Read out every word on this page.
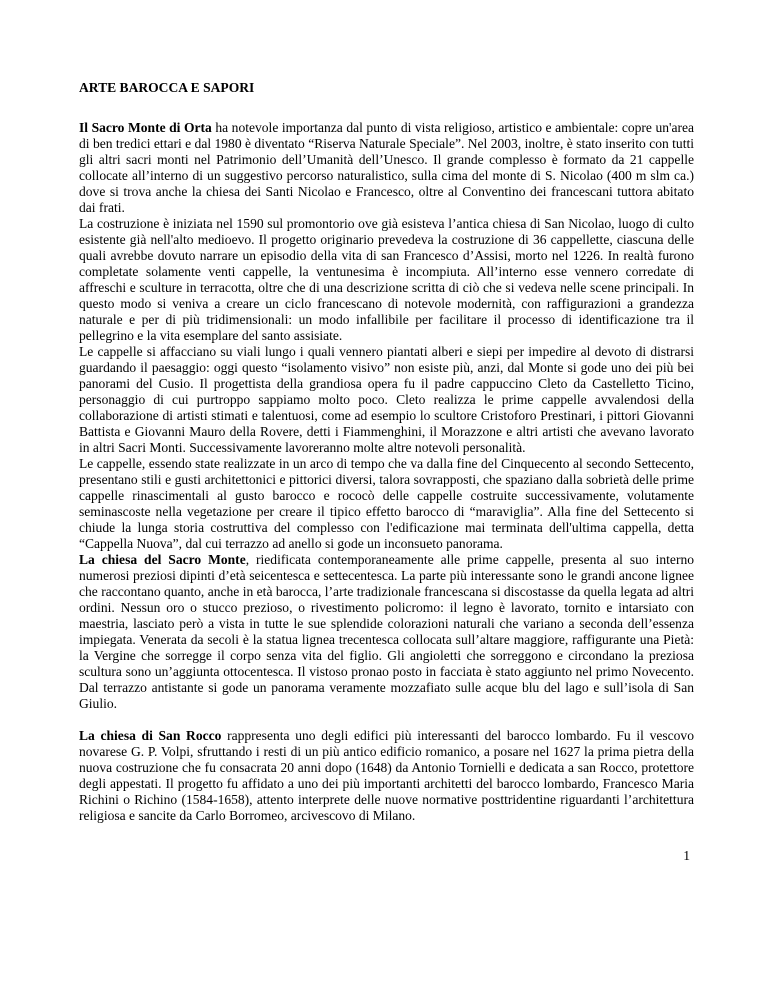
ARTE BAROCCA E SAPORI

Il Sacro Monte di Orta ha notevole importanza dal punto di vista religioso, artistico e ambientale: copre un'area di ben tredici ettari e dal 1980 è diventato “Riserva Naturale Speciale”. Nel 2003, inoltre, è stato inserito con tutti gli altri sacri monti nel Patrimonio dell’Umanità dell’Unesco. Il grande complesso è formato da 21 cappelle collocate all’interno di un suggestivo percorso naturalistico, sulla cima del monte di S. Nicolao (400 m slm ca.) dove si trova anche la chiesa dei Santi Nicolao e Francesco, oltre al Conventino dei francescani tuttora abitato dai frati.

La costruzione è iniziata nel 1590 sul promontorio ove già esisteva l’antica chiesa di San Nicolao, luogo di culto esistente già nell'alto medioevo. Il progetto originario prevedeva la costruzione di 36 cappellette, ciascuna delle quali avrebbe dovuto narrare un episodio della vita di san Francesco d’Assisi, morto nel 1226. In realtà furono completate solamente venti cappelle, la ventunesima è incompiuta. All’interno esse vennero corredate di affreschi e sculture in terracotta, oltre che di una descrizione scritta di ciò che si vedeva nelle scene principali. In questo modo si veniva a creare un ciclo francescano di notevole modernità, con raffigurazioni a grandezza naturale e per di più tridimensionali: un modo infallibile per facilitare il processo di identificazione tra il pellegrino e la vita esemplare del santo assisiate.

Le cappelle si affacciano su viali lungo i quali vennero piantati alberi e siepi per impedire al devoto di distrarsi guardando il paesaggio: oggi questo “isolamento visivo” non esiste più, anzi, dal Monte si gode uno dei più bei panorami del Cusio. Il progettista della grandiosa opera fu il padre cappuccino Cleto da Castelletto Ticino, personaggio di cui purtroppo sappiamo molto poco. Cleto realizza le prime cappelle avvalendosi della collaborazione di artisti stimati e talentuosi, come ad esempio lo scultore Cristoforo Prestinari, i pittori Giovanni Battista e Giovanni Mauro della Rovere, detti i Fiammenghini, il Morazzone e altri artisti che avevano lavorato in altri Sacri Monti. Successivamente lavoreranno molte altre notevoli personalità.

Le cappelle, essendo state realizzate in un arco di tempo che va dalla fine del Cinquecento al secondo Settecento, presentano stili e gusti architettonici e pittorici diversi, talora sovrapposti, che spaziano dalla sobrietà delle prime cappelle rinascimentali al gusto barocco e rococò delle cappelle costruite successivamente, volutamente seminascoste nella vegetazione per creare il tipico effetto barocco di “maraviglia”. Alla fine del Settecento si chiude la lunga storia costruttiva del complesso con l'edificazione mai terminata dell'ultima cappella, detta “Cappella Nuova”, dal cui terrazzo ad anello si gode un inconsueto panorama.

La chiesa del Sacro Monte, riedificata contemporaneamente alle prime cappelle, presenta al suo interno numerosi preziosi dipinti d’età seicentesca e settecentesca. La parte più interessante sono le grandi ancone lignee che raccontano quanto, anche in età barocca, l’arte tradizionale francescana si discostasse da quella legata ad altri ordini. Nessun oro o stucco prezioso, o rivestimento policromo: il legno è lavorato, tornito e intarsiato con maestria, lasciato però a vista in tutte le sue splendide colorazioni naturali che variano a seconda dell’essenza impiegata. Venerata da secoli è la statua lignea trecentesca collocata sull’altare maggiore, raffigurante una Pietà: la Vergine che sorregge il corpo senza vita del figlio. Gli angioletti che sorreggono e circondano la preziosa scultura sono un’aggiunta ottocentesca. Il vistoso pronao posto in facciata è stato aggiunto nel primo Novecento. Dal terrazzo antistante si gode un panorama veramente mozzafiato sulle acque blu del lago e sull’isola di San Giulio.

La chiesa di San Rocco rappresenta uno degli edifici più interessanti del barocco lombardo. Fu il vescovo novarese G. P. Volpi, sfruttando i resti di un più antico edificio romanico, a posare nel 1627 la prima pietra della nuova costruzione che fu consacrata 20 anni dopo (1648) da Antonio Tornielli e dedicata a san Rocco, protettore degli appestati. Il progetto fu affidato a uno dei più importanti architetti del barocco lombardo, Francesco Maria Richini o Richino (1584-1658), attento interprete delle nuove normative posttridentine riguardanti l’architettura religiosa e sancite da Carlo Borromeo, arcivescovo di Milano.

1
